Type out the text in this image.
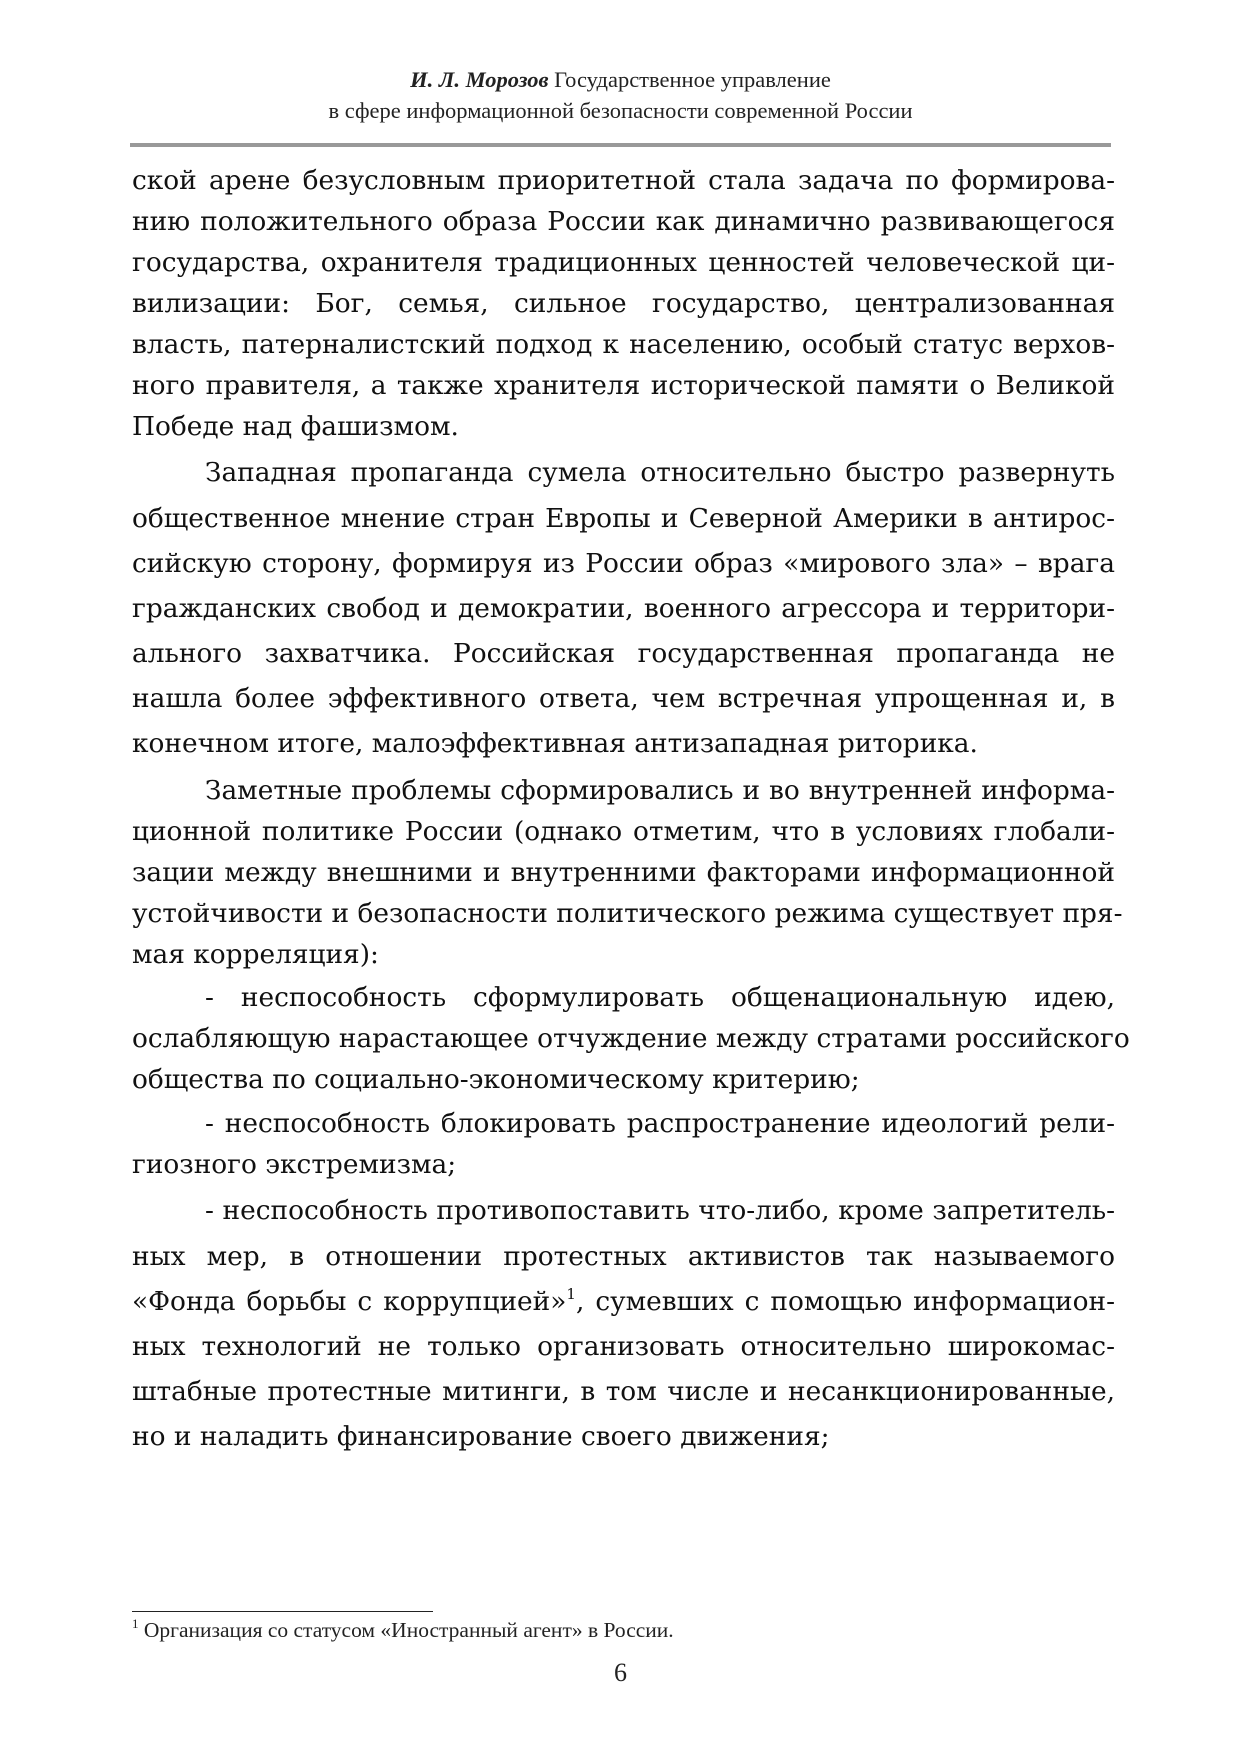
И. Л. Морозов Государственное управление
в сфере информационной безопасности современной России
ской арене безусловным приоритетной стала задача по формирова-
нию положительного образа России как динамично развивающегося
государства, охранителя традиционных ценностей человеческой ци-
вилизации: Бог, семья, сильное государство, централизованная
власть, патерналистский подход к населению, особый статус верхов-
ного правителя, а также хранителя исторической памяти о Великой
Победе над фашизмом.
Западная пропаганда сумела относительно быстро развернуть
общественное мнение стран Европы и Северной Америки в антирос-
сийскую сторону, формируя из России образ «мирового зла» – врага
гражданских свобод и демократии, военного агрессора и территори-
ального захватчика. Российская государственная пропаганда не
нашла более эффективного ответа, чем встречная упрощенная и, в
конечном итоге, малоэффективная антизападная риторика.
Заметные проблемы сформировались и во внутренней информа-
ционной политике России (однако отметим, что в условиях глобали-
зации между внешними и внутренними факторами информационной
устойчивости и безопасности политического режима существует пря-
мая корреляция):
- неспособность сформулировать общенациональную идею,
ослабляющую нарастающее отчуждение между стратами российского
общества по социально-экономическому критерию;
- неспособность блокировать распространение идеологий рели-
гиозного экстремизма;
- неспособность противопоставить что-либо, кроме запретитель-
ных мер, в отношении протестных активистов так называемого
«Фонда борьбы с коррупцией»$^1$, сумевших с помощью информацион-
ных технологий не только организовать относительно широкомас-
штабные протестные митинги, в том числе и несанкционированные,
но и наладить финансирование своего движения;
$^1$ Организация со статусом «Иностранный агент» в России.
6
